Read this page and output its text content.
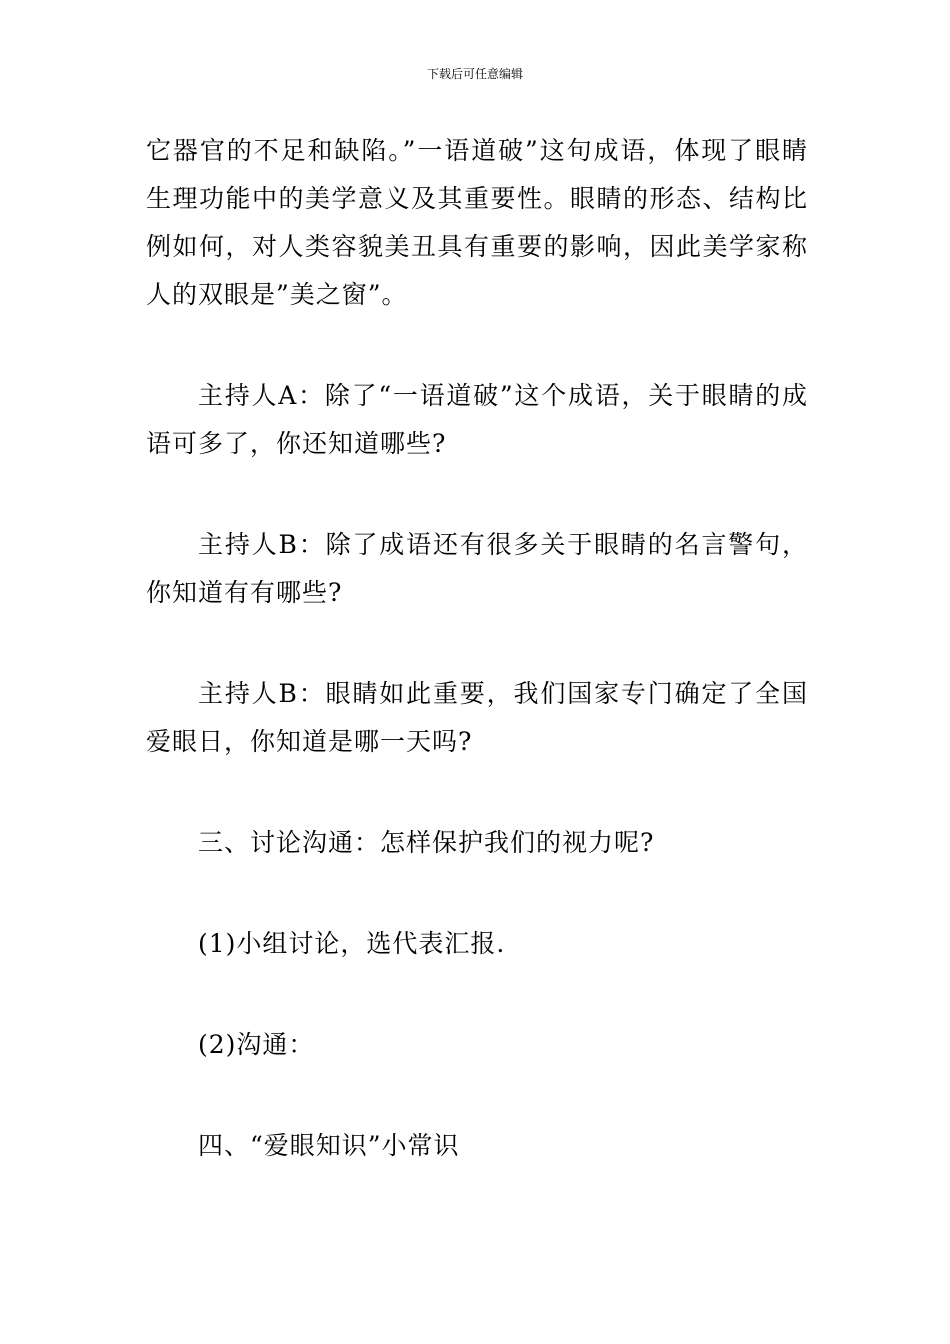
下载后可任意编辑

它器官的不足和缺陷。”一语道破”这句成语，体现了眼睛生理功能中的美学意义及其重要性。眼睛的形态、结构比例如何，对人类容貌美丑具有重要的影响，因此美学家称人的双眼是”美之窗”。

主持人A：除了“一语道破”这个成语，关于眼睛的成语可多了，你还知道哪些?

主持人B：除了成语还有很多关于眼睛的名言警句，你知道有有哪些?

主持人B：眼睛如此重要，我们国家专门确定了全国爱眼日，你知道是哪一天吗?

三、讨论沟通：怎样保护我们的视力呢?

(1)小组讨论，选代表汇报.

(2)沟通：

四、“爱眼知识”小常识
